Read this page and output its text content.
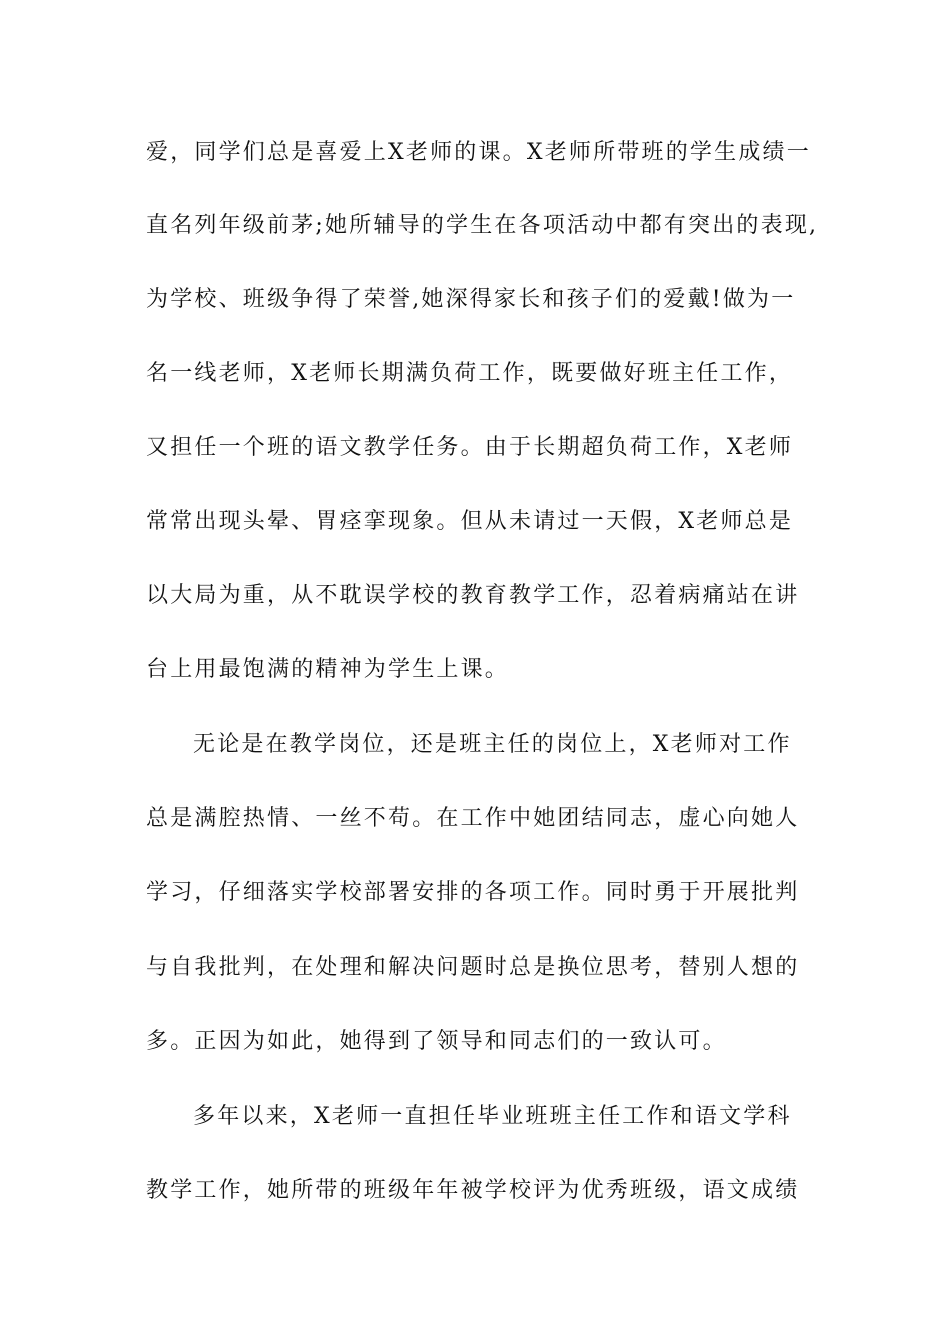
爱，同学们总是喜爱上X老师的课。X老师所带班的学生成绩一
直名列年级前茅;她所辅导的学生在各项活动中都有突出的表现,
为学校、班级争得了荣誉,她深得家长和孩子们的爱戴!做为一
名一线老师，X老师长期满负荷工作，既要做好班主任工作，
又担任一个班的语文教学任务。由于长期超负荷工作，X老师
常常出现头晕、胃痉挛现象。但从未请过一天假，X老师总是
以大局为重，从不耽误学校的教育教学工作，忍着病痛站在讲
台上用最饱满的精神为学生上课。
无论是在教学岗位，还是班主任的岗位上，X老师对工作
总是满腔热情、一丝不苟。在工作中她团结同志，虚心向她人
学习，仔细落实学校部署安排的各项工作。同时勇于开展批判
与自我批判，在处理和解决问题时总是换位思考，替别人想的
多。正因为如此，她得到了领导和同志们的一致认可。
多年以来，X老师一直担任毕业班班主任工作和语文学科
教学工作，她所带的班级年年被学校评为优秀班级，语文成绩
